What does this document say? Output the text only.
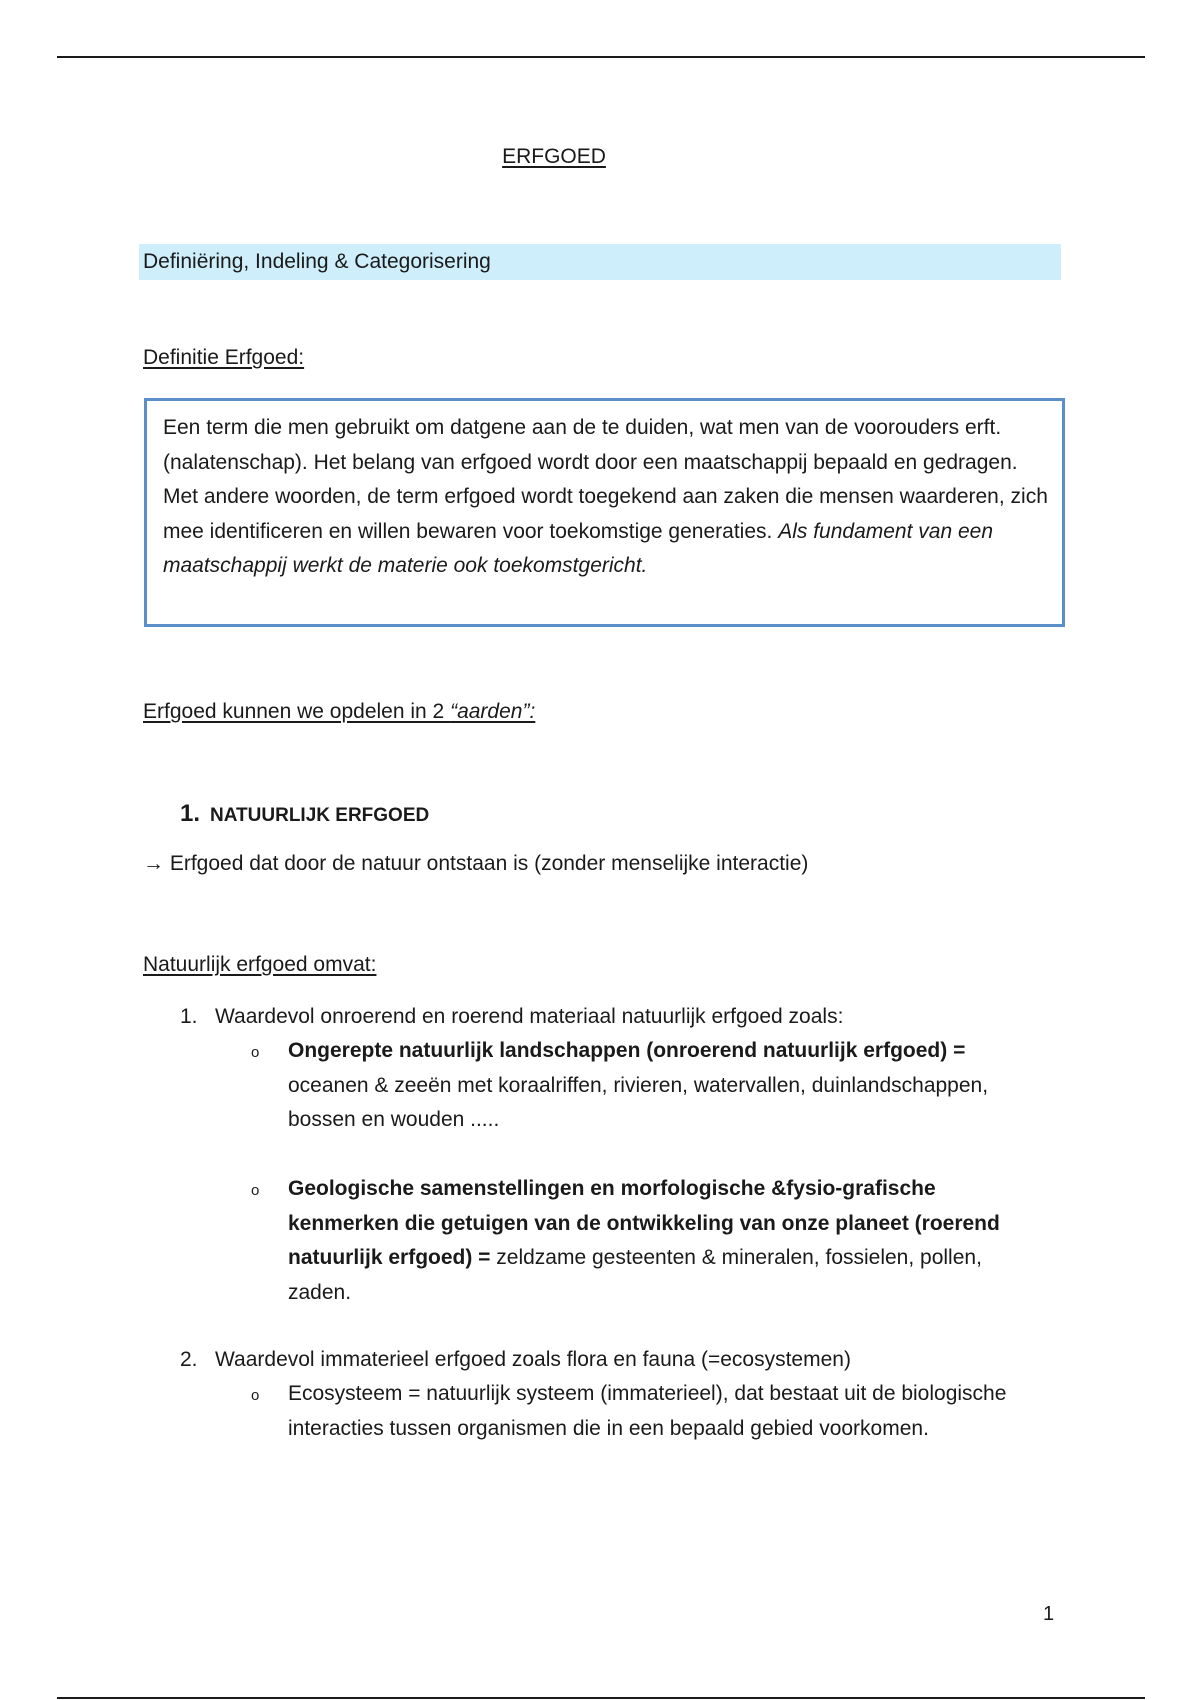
ERFGOED
Definiëring, Indeling & Categorisering
Definitie Erfgoed:
Een term die men gebruikt om datgene aan de te duiden, wat men van de voorouders erft. (nalatenschap). Het belang van erfgoed wordt door een maatschappij bepaald en gedragen. Met andere woorden, de term erfgoed wordt toegekend aan zaken die mensen waarderen, zich mee identificeren en willen bewaren voor toekomstige generaties. Als fundament van een maatschappij werkt de materie ook toekomstgericht.
Erfgoed kunnen we opdelen in 2 “aarden”:
1. NATUURLIJK ERFGOED
→ Erfgoed dat door de natuur ontstaan is (zonder menselijke interactie)
Natuurlijk erfgoed omvat:
1. Waardevol onroerend en roerend materiaal natuurlijk erfgoed zoals:
o Ongerepte natuurlijk landschappen (onroerend natuurlijk erfgoed) = oceanen & zeeën met koraalriffen, rivieren, watervallen, duinlandschappen, bossen en wouden .....
o Geologische samenstellingen en morfologische &fysio-grafische kenmerken die getuigen van de ontwikkeling van onze planeet (roerend natuurlijk erfgoed) = zeldzame gesteenten & mineralen, fossielen, pollen, zaden.
2. Waardevol immaterieel erfgoed zoals flora en fauna (=ecosystemen)
o Ecosysteem = natuurlijk systeem (immaterieel), dat bestaat uit de biologische interacties tussen organismen die in een bepaald gebied voorkomen.
1
